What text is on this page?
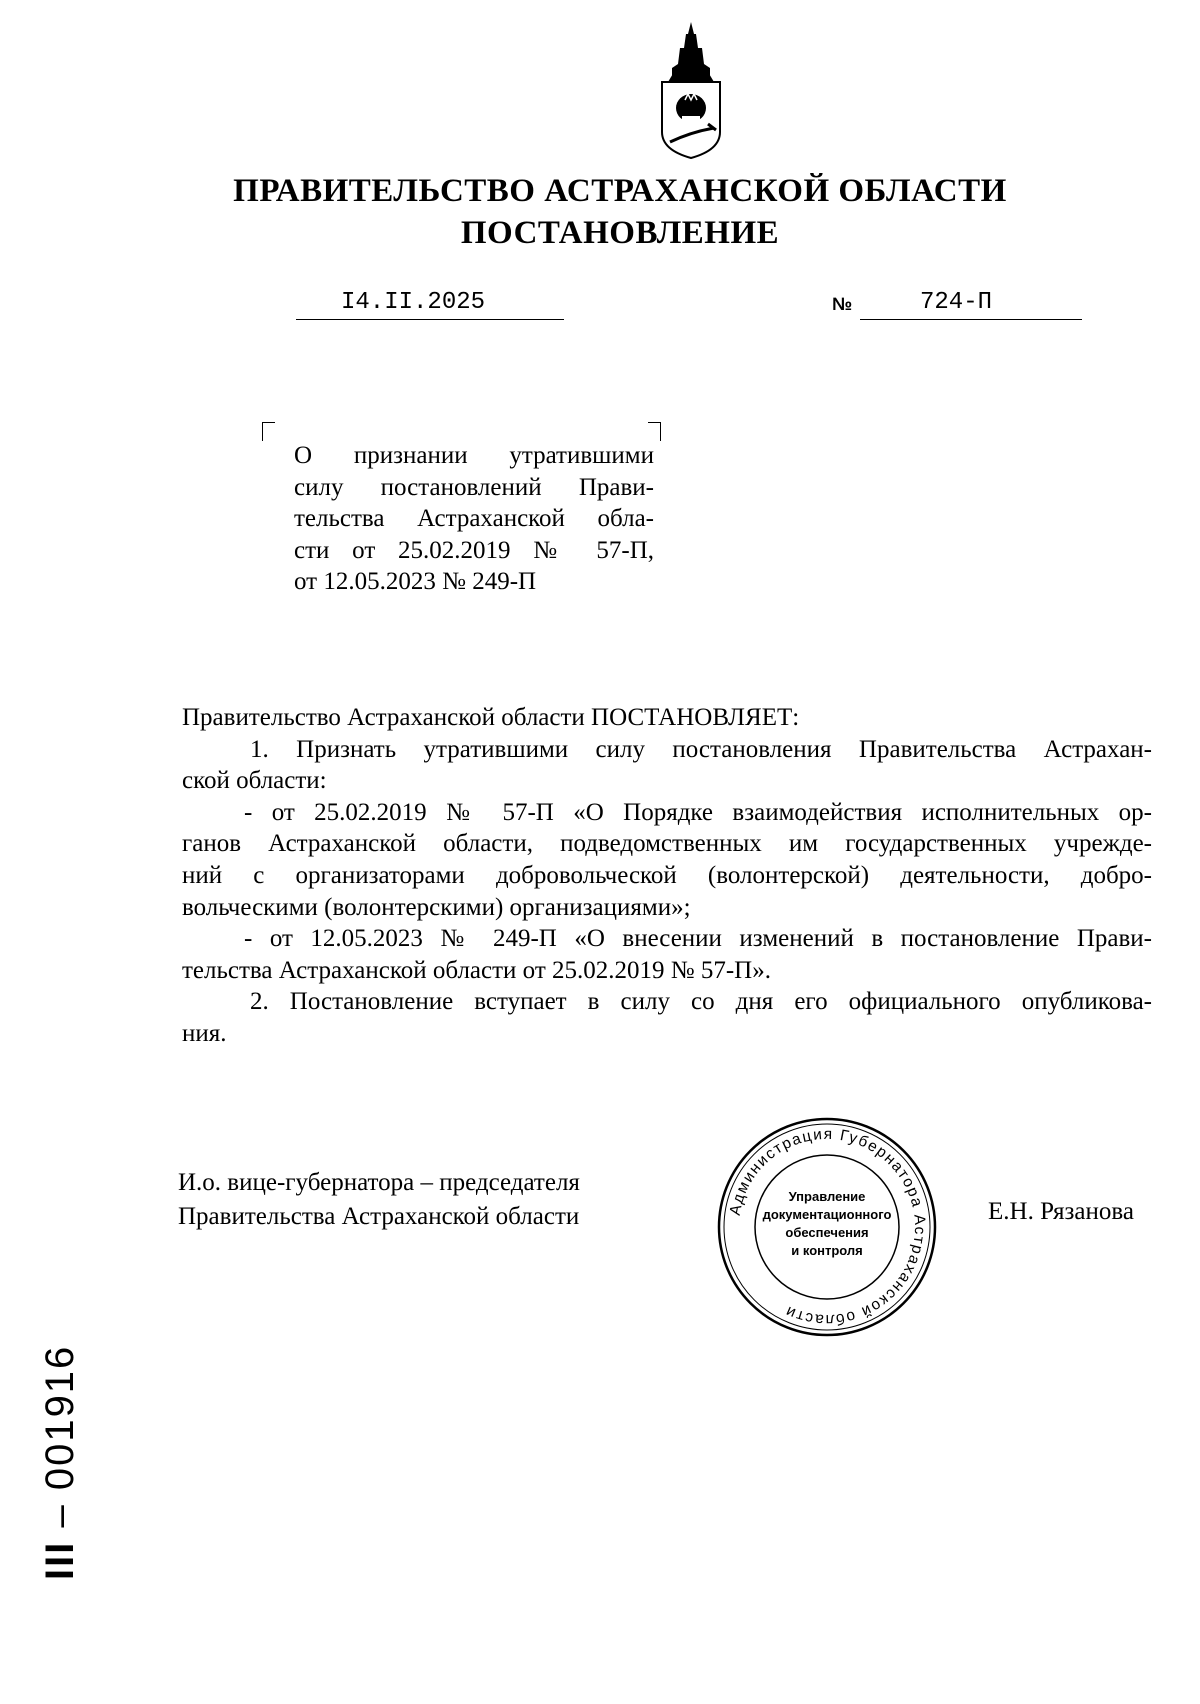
ПРАВИТЕЛЬСТВО АСТРАХАНСКОЙ ОБЛАСТИ
ПОСТАНОВЛЕНИЕ
I4.II.2025	№	724-П
О признании утратившими
силу постановлений Прави-
тельства Астраханской обла-
сти от 25.02.2019 № 57-П,
от 12.05.2023 № 249-П
Правительство Астраханской области ПОСТАНОВЛЯЕТ:
1. Признать утратившими силу постановления Правительства Астрахан-
ской области:
- от 25.02.2019 № 57-П «О Порядке взаимодействия исполнительных ор-
ганов Астраханской области, подведомственных им государственных учрежде-
ний с организаторами добровольческой (волонтерской) деятельности, добро-
вольческими (волонтерскими) организациями»;
- от 12.05.2023 № 249-П «О внесении изменений в постановление Прави-
тельства Астраханской области от 25.02.2019 № 57-П».
2. Постановление вступает в силу со дня его официального опубликова-
ния.
И.о. вице-губернатора – председателя
Правительства Астраханской области	Е.Н. Рязанова
Администрация Губернатора Астраханской области
Управление
документационного
обеспечения
и контроля
ІІІ – 001916
